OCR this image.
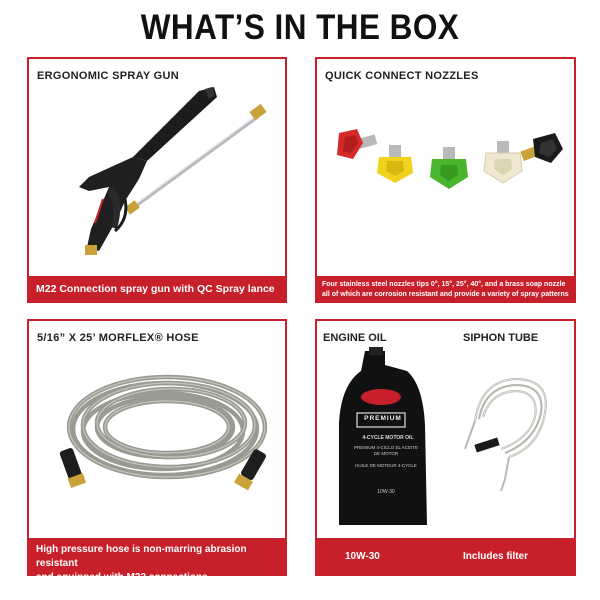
WHAT’S IN THE BOX
ERGONOMIC SPRAY GUN
M22 Connection spray gun with QC Spray lance
QUICK CONNECT NOZZLES
Four stainless steel nozzles tips 0°, 15°, 25°, 40°, and a brass soap nozzle
all of which are corrosion resistant and provide a variety of spray patterns
5/16” X 25’ MORFLEX® HOSE
High pressure hose is non-marring abrasion resistant
and equipped with M22 connections
ENGINE OIL	SIPHON TUBE
PREMIUM
4-CYCLE MOTOR OIL
PREMIUM 4-CICLO EL ACEITE DE MOTOR
HUILE DE MOTEUR 4-CYCLE
10W-30
10W-30	Includes filter
